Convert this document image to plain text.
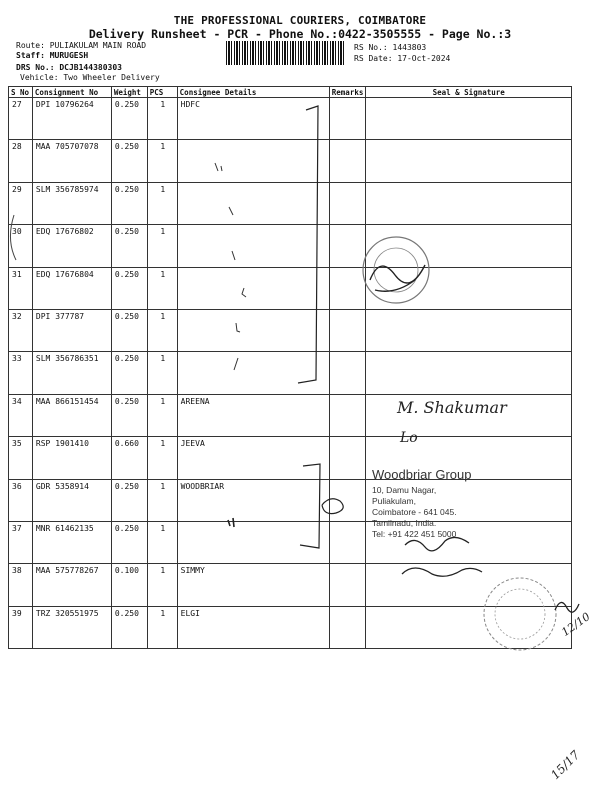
THE PROFESSIONAL COURIERS, COIMBATORE
Delivery Runsheet - PCR - Phone No.:0422-3505555 - Page No.:3
Route: PULIAKULAM MAIN ROAD
Staff: MURUGESH
DRS No.: DCJB144380303
Vehicle: Two Wheeler Delivery
RS No.: 1443803
RS Date: 17-Oct-2024
S No	Consignment No	Weight	PCS	Consignee Details	Remarks	Seal & Signature
27	DPI 10796264	0.250	1	HDFC		
28	MAA 705707078	0.250	1			
29	SLM 356785974	0.250	1			
30	EDQ 17676802	0.250	1			
31	EDQ 17676804	0.250	1			
32	DPI 377787	0.250	1			
33	SLM 356786351	0.250	1			
34	MAA 866151454	0.250	1	AREENA		
35	RSP 1901410	0.660	1	JEEVA		
36	GDR 5358914	0.250	1	WOODBRIAR		
37	MNR 61462135	0.250	1			
38	MAA 575778267	0.100	1	SIMMY		
39	TRZ 320551975	0.250	1	ELGI		
Woodbriar Group
10, Damu Nagar,
Puliakulam,
Coimbatore - 641 045.
Tamilnadu, India.
Tel: +91 422 451 5000
M. Shakumar
Lo
12/10
15/17
